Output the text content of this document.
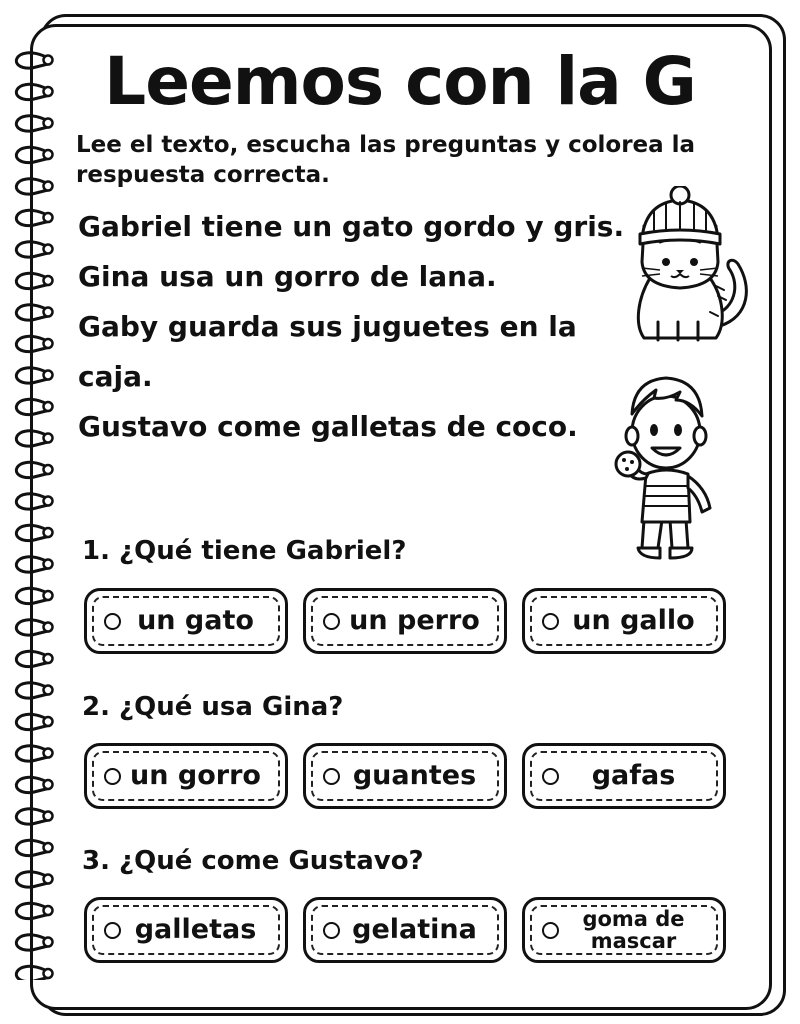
Leemos con la G
Lee el texto, escucha las preguntas y colorea la respuesta correcta.
Gabriel tiene un gato gordo y gris.
Gina usa un gorro de lana.
Gaby guarda sus juguetes en la
caja.
Gustavo come galletas de coco.
1. ¿Qué tiene Gabriel?
un gato	un perro	un gallo
2. ¿Qué usa Gina?
un gorro	guantes	gafas
3. ¿Qué come Gustavo?
galletas	gelatina	goma de mascar
